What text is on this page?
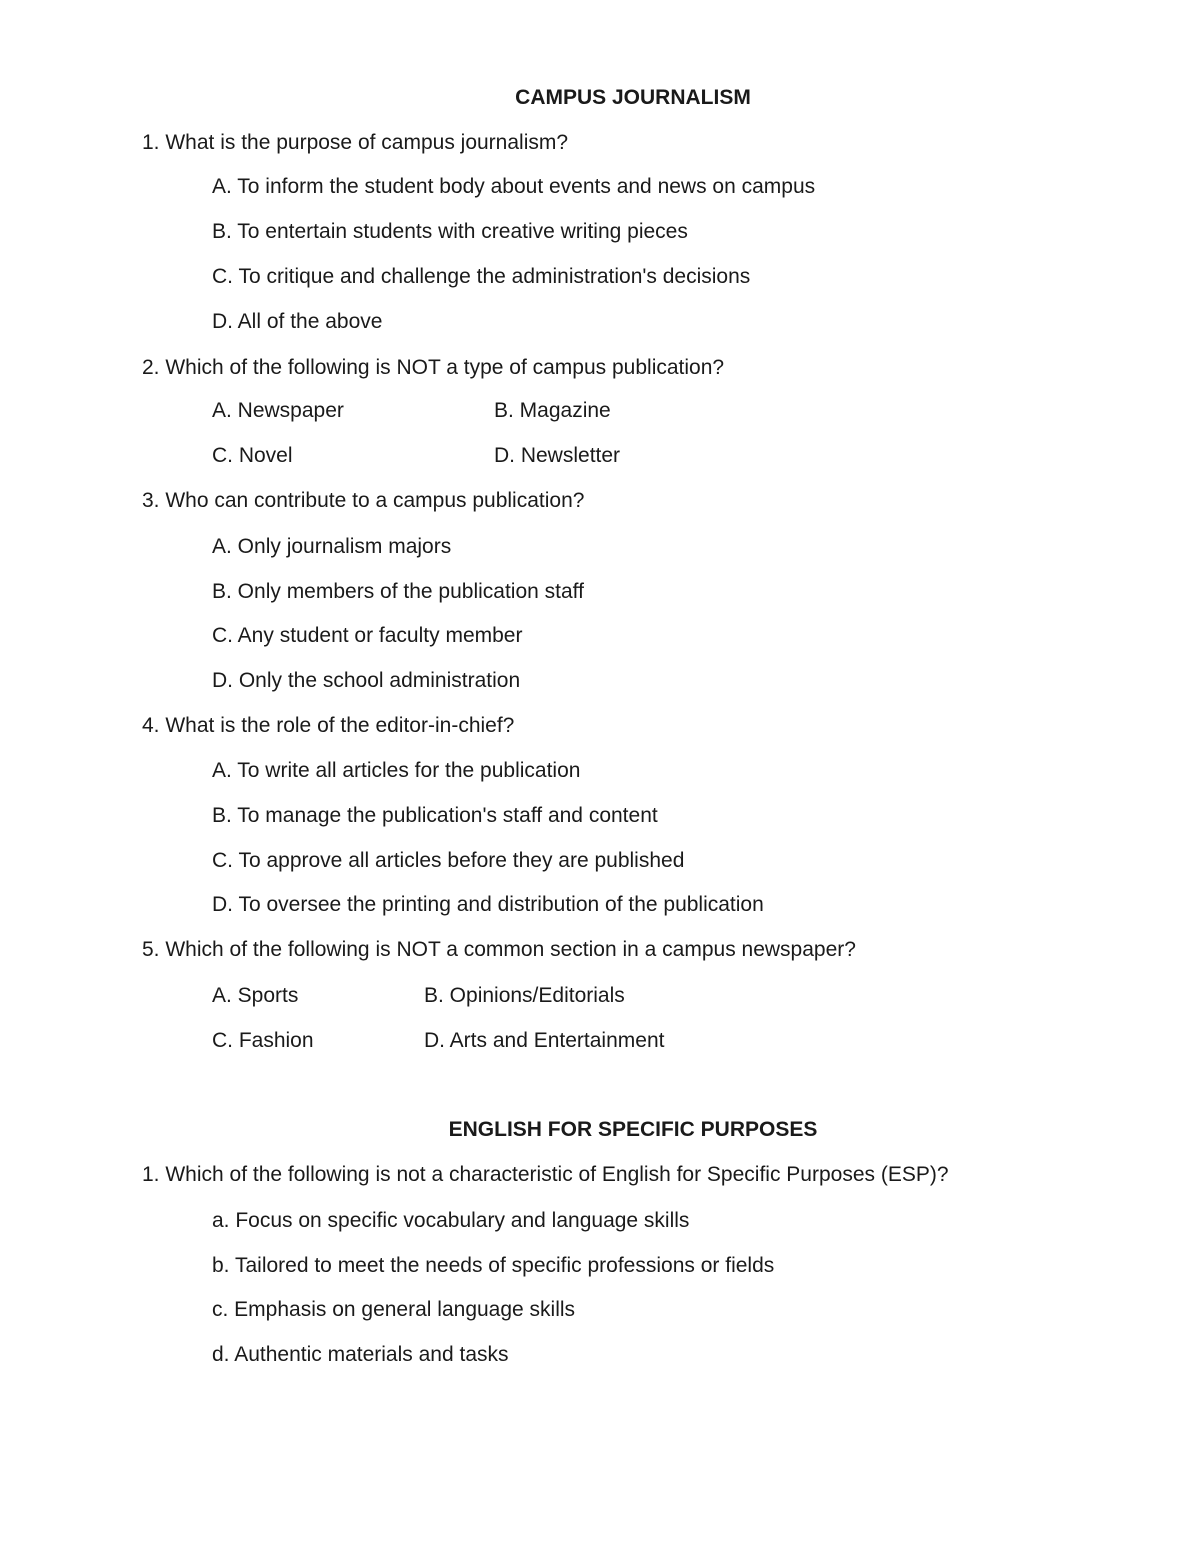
CAMPUS JOURNALISM
1. What is the purpose of campus journalism?
A. To inform the student body about events and news on campus
B. To entertain students with creative writing pieces
C. To critique and challenge the administration's decisions
D. All of the above
2. Which of the following is NOT a type of campus publication?
A. Newspaper	B. Magazine
C. Novel	D. Newsletter
3. Who can contribute to a campus publication?
A. Only journalism majors
B. Only members of the publication staff
C. Any student or faculty member
D. Only the school administration
4. What is the role of the editor-in-chief?
A. To write all articles for the publication
B. To manage the publication's staff and content
C. To approve all articles before they are published
D. To oversee the printing and distribution of the publication
5. Which of the following is NOT a common section in a campus newspaper?
A. Sports	B. Opinions/Editorials
C. Fashion	D. Arts and Entertainment
ENGLISH FOR SPECIFIC PURPOSES
1. Which of the following is not a characteristic of English for Specific Purposes (ESP)?
a. Focus on specific vocabulary and language skills
b. Tailored to meet the needs of specific professions or fields
c. Emphasis on general language skills
d. Authentic materials and tasks
